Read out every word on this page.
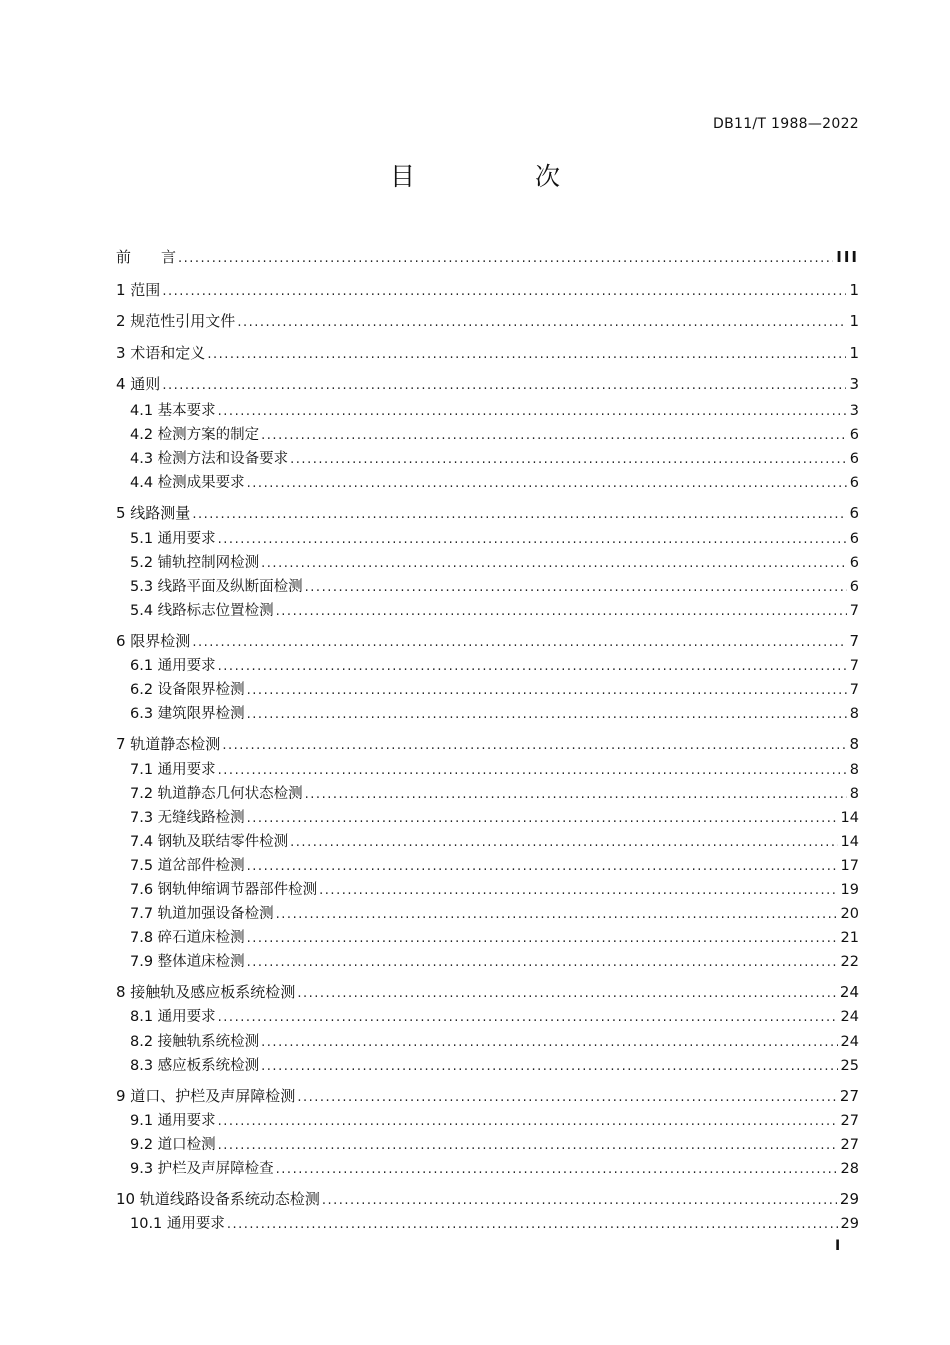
DB11/T 1988—2022
目 次
前　　言 .....	III
1 范围 .....	1
2 规范性引用文件 .....	1
3 术语和定义 .....	1
4 通则 .....	3
4.1 基本要求 .....	3
4.2 检测方案的制定 .....	6
4.3 检测方法和设备要求 .....	6
4.4 检测成果要求 .....	6
5 线路测量 .....	6
5.1 通用要求 .....	6
5.2 铺轨控制网检测 .....	6
5.3 线路平面及纵断面检测 .....	6
5.4 线路标志位置检测 .....	7
6 限界检测 .....	7
6.1 通用要求 .....	7
6.2 设备限界检测 .....	7
6.3 建筑限界检测 .....	8
7 轨道静态检测 .....	8
7.1 通用要求 .....	8
7.2 轨道静态几何状态检测 .....	8
7.3 无缝线路检测 .....	14
7.4 钢轨及联结零件检测 .....	14
7.5 道岔部件检测 .....	17
7.6 钢轨伸缩调节器部件检测 .....	19
7.7 轨道加强设备检测 .....	20
7.8 碎石道床检测 .....	21
7.9 整体道床检测 .....	22
8 接触轨及感应板系统检测 .....	24
8.1 通用要求 .....	24
8.2 接触轨系统检测 .....	24
8.3 感应板系统检测 .....	25
9 道口、护栏及声屏障检测 .....	27
9.1 通用要求 .....	27
9.2 道口检测 .....	27
9.3 护栏及声屏障检查 .....	28
10 轨道线路设备系统动态检测 .....	29
10.1 通用要求 .....	29
I
